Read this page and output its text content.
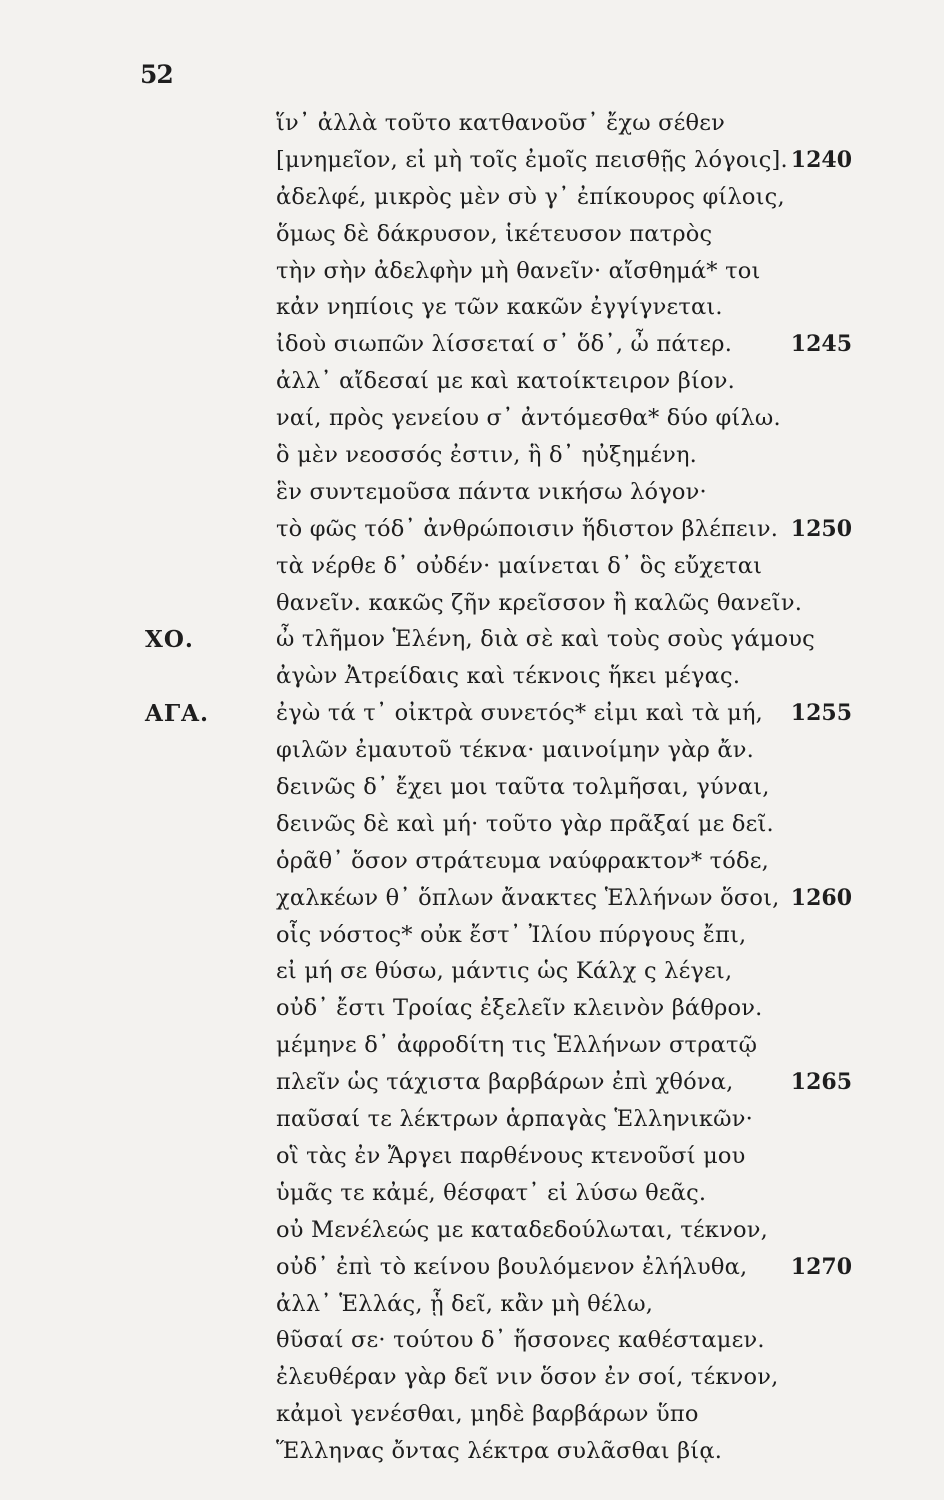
52
ἵν᾽ ἀλλὰ τοῦτο κατθανοῦσ᾽ ἔχω σέθεν
[μνημεῖον, εἰ μὴ τοῖς ἐμοῖς πεισθῇς λόγοις]. 1240
ἀδελφέ, μικρὸς μὲν σὺ γ᾽ ἐπίκουρος φίλοις,
ὅμως δὲ δάκρυσον, ἱκέτευσον πατρὸς
τὴν σὴν ἀδελφὴν μὴ θανεῖν· αἴσθημά* τοι
κἀν νηπίοις γε τῶν κακῶν ἐγγίγνεται.
ἰδοὺ σιωπῶν λίσσεταί σ᾽ ὅδ᾽, ὦ πάτερ.	1245
ἀλλ᾽ αἴδεσαί με καὶ κατοίκτειρον βίον.
ναί, πρὸς γενείου σ᾽ ἀντόμεσθα* δύο φίλω.
ὃ μὲν νεοσσός ἐστιν, ἣ δ᾽ ηὐξημένη.
ἓν συντεμοῦσα πάντα νικήσω λόγον·
τὸ φῶς τόδ᾽ ἀνθρώποισιν ἥδιστον βλέπειν. 1250
τὰ νέρθε δ᾽ οὐδέν· μαίνεται δ᾽ ὃς εὔχεται
θανεῖν. κακῶς ζῆν κρεῖσσον ἢ καλῶς θανεῖν.
ΧΟ.	ὦ τλῆμον Ἑλένη, διὰ σὲ καὶ τοὺς σοὺς γάμους
ἀγὼν Ἀτρείδαις καὶ τέκνοις ἥκει μέγας.
ΑΓΑ.	ἐγὼ τά τ᾽ οἰκτρὰ συνετός* εἰμι καὶ τὰ μή, 1255
φιλῶν ἐμαυτοῦ τέκνα· μαινοίμην γὰρ ἄν.
δεινῶς δ᾽ ἔχει μοι ταῦτα τολμῆσαι, γύναι,
δεινῶς δὲ καὶ μή· τοῦτο γὰρ πρᾶξαί με δεῖ.
ὁρᾶθ᾽ ὅσον στράτευμα ναύφρακτον* τόδε,
χαλκέων θ᾽ ὅπλων ἄνακτες Ἑλλήνων ὅσοι, 1260
οἷς νόστος* οὐκ ἔστ᾽ Ἰλίου πύργους ἔπι,
εἰ μή σε θύσω, μάντις ὡς Κάλχ ς λέγει,
οὐδ᾽ ἔστι Τροίας ἐξελεῖν κλεινὸν βάθρον.
μέμηνε δ᾽ ἀφροδίτη τις Ἑλλήνων στρατῷ
πλεῖν ὡς τάχιστα βαρβάρων ἐπὶ χθόνα,	1265
παῦσαί τε λέκτρων ἁρπαγὰς Ἑλληνικῶν·
οἳ τὰς ἐν Ἄργει παρθένους κτενοῦσί μου
ὑμᾶς τε κἀμέ, θέσφατ᾽ εἰ λύσω θεᾶς.
οὐ Μενέλεώς με καταδεδούλωται, τέκνον,
οὐδ᾽ ἐπὶ τὸ κείνου βουλόμενον ἐλήλυθα, 1270
ἀλλ᾽ Ἑλλάς, ᾗ δεῖ, κἂν μὴ θέλω,
θῦσαί σε· τούτου δ᾽ ἥσσονες καθέσταμεν.
ἐλευθέραν γὰρ δεῖ νιν ὅσον ἐν σοί, τέκνον,
κἀμοὶ γενέσθαι, μηδὲ βαρβάρων ὕπο
Ἕλληνας ὄντας λέκτρα συλᾶσθαι βίᾳ.
